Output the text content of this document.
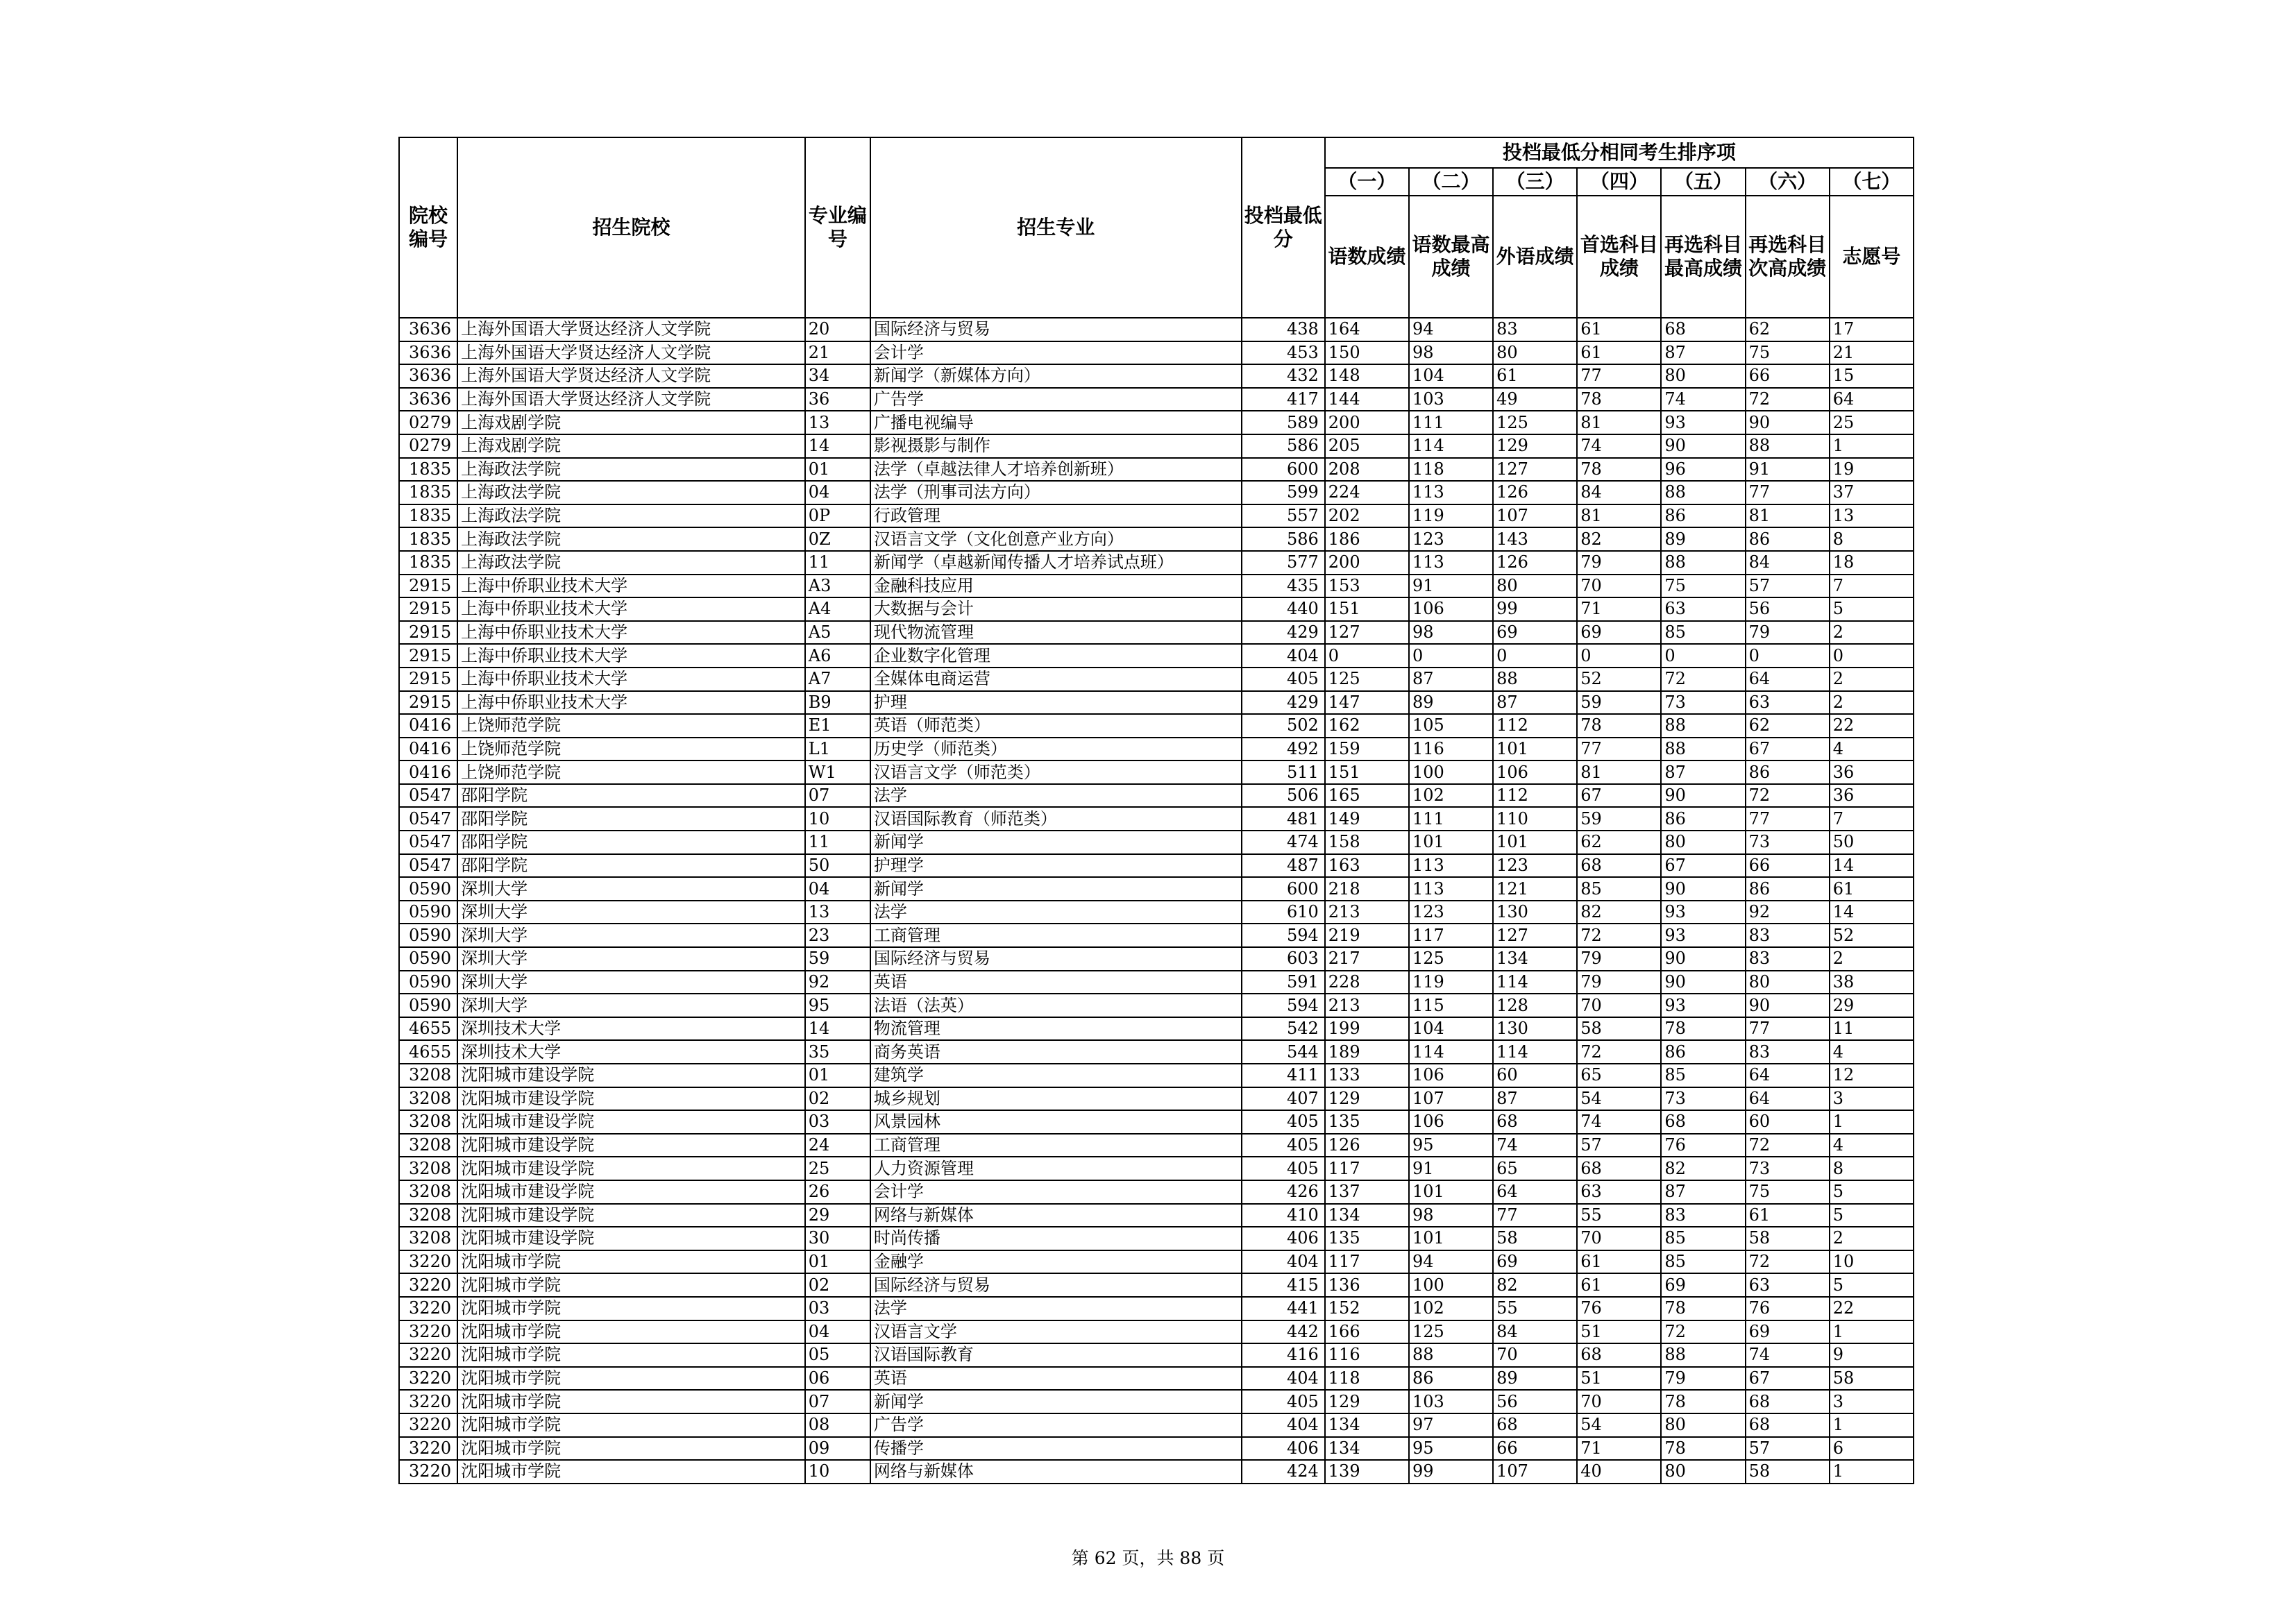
院校编号	招生院校	专业编号	招生专业	投档最低分	投档最低分相同考生排序项						
					（一）	（二）	（三）	（四）	（五）	（六）	（七）
					语数成绩	语数最高成绩	外语成绩	首选科目成绩	再选科目最高成绩	再选科目次高成绩	志愿号
3636	上海外国语大学贤达经济人文学院	20	国际经济与贸易	438	164	94	83	61	68	62	17
3636	上海外国语大学贤达经济人文学院	21	会计学	453	150	98	80	61	87	75	21
3636	上海外国语大学贤达经济人文学院	34	新闻学（新媒体方向）	432	148	104	61	77	80	66	15
3636	上海外国语大学贤达经济人文学院	36	广告学	417	144	103	49	78	74	72	64
0279	上海戏剧学院	13	广播电视编导	589	200	111	125	81	93	90	25
0279	上海戏剧学院	14	影视摄影与制作	586	205	114	129	74	90	88	1
1835	上海政法学院	01	法学（卓越法律人才培养创新班）	600	208	118	127	78	96	91	19
1835	上海政法学院	04	法学（刑事司法方向）	599	224	113	126	84	88	77	37
1835	上海政法学院	0P	行政管理	557	202	119	107	81	86	81	13
1835	上海政法学院	0Z	汉语言文学（文化创意产业方向）	586	186	123	143	82	89	86	8
1835	上海政法学院	11	新闻学（卓越新闻传播人才培养试点班）	577	200	113	126	79	88	84	18
2915	上海中侨职业技术大学	A3	金融科技应用	435	153	91	80	70	75	57	7
2915	上海中侨职业技术大学	A4	大数据与会计	440	151	106	99	71	63	56	5
2915	上海中侨职业技术大学	A5	现代物流管理	429	127	98	69	69	85	79	2
2915	上海中侨职业技术大学	A6	企业数字化管理	404	0	0	0	0	0	0	0
2915	上海中侨职业技术大学	A7	全媒体电商运营	405	125	87	88	52	72	64	2
2915	上海中侨职业技术大学	B9	护理	429	147	89	87	59	73	63	2
0416	上饶师范学院	E1	英语（师范类）	502	162	105	112	78	88	62	22
0416	上饶师范学院	L1	历史学（师范类）	492	159	116	101	77	88	67	4
0416	上饶师范学院	W1	汉语言文学（师范类）	511	151	100	106	81	87	86	36
0547	邵阳学院	07	法学	506	165	102	112	67	90	72	36
0547	邵阳学院	10	汉语国际教育（师范类）	481	149	111	110	59	86	77	7
0547	邵阳学院	11	新闻学	474	158	101	101	62	80	73	50
0547	邵阳学院	50	护理学	487	163	113	123	68	67	66	14
0590	深圳大学	04	新闻学	600	218	113	121	85	90	86	61
0590	深圳大学	13	法学	610	213	123	130	82	93	92	14
0590	深圳大学	23	工商管理	594	219	117	127	72	93	83	52
0590	深圳大学	59	国际经济与贸易	603	217	125	134	79	90	83	2
0590	深圳大学	92	英语	591	228	119	114	79	90	80	38
0590	深圳大学	95	法语（法英）	594	213	115	128	70	93	90	29
4655	深圳技术大学	14	物流管理	542	199	104	130	58	78	77	11
4655	深圳技术大学	35	商务英语	544	189	114	114	72	86	83	4
3208	沈阳城市建设学院	01	建筑学	411	133	106	60	65	85	64	12
3208	沈阳城市建设学院	02	城乡规划	407	129	107	87	54	73	64	3
3208	沈阳城市建设学院	03	风景园林	405	135	106	68	74	68	60	1
3208	沈阳城市建设学院	24	工商管理	405	126	95	74	57	76	72	4
3208	沈阳城市建设学院	25	人力资源管理	405	117	91	65	68	82	73	8
3208	沈阳城市建设学院	26	会计学	426	137	101	64	63	87	75	5
3208	沈阳城市建设学院	29	网络与新媒体	410	134	98	77	55	83	61	5
3208	沈阳城市建设学院	30	时尚传播	406	135	101	58	70	85	58	2
3220	沈阳城市学院	01	金融学	404	117	94	69	61	85	72	10
3220	沈阳城市学院	02	国际经济与贸易	415	136	100	82	61	69	63	5
3220	沈阳城市学院	03	法学	441	152	102	55	76	78	76	22
3220	沈阳城市学院	04	汉语言文学	442	166	125	84	51	72	69	1
3220	沈阳城市学院	05	汉语国际教育	416	116	88	70	68	88	74	9
3220	沈阳城市学院	06	英语	404	118	86	89	51	79	67	58
3220	沈阳城市学院	07	新闻学	405	129	103	56	70	78	68	3
3220	沈阳城市学院	08	广告学	404	134	97	68	54	80	68	1
3220	沈阳城市学院	09	传播学	406	134	95	66	71	78	57	6
3220	沈阳城市学院	10	网络与新媒体	424	139	99	107	40	80	58	1
第 62 页，共 88 页
